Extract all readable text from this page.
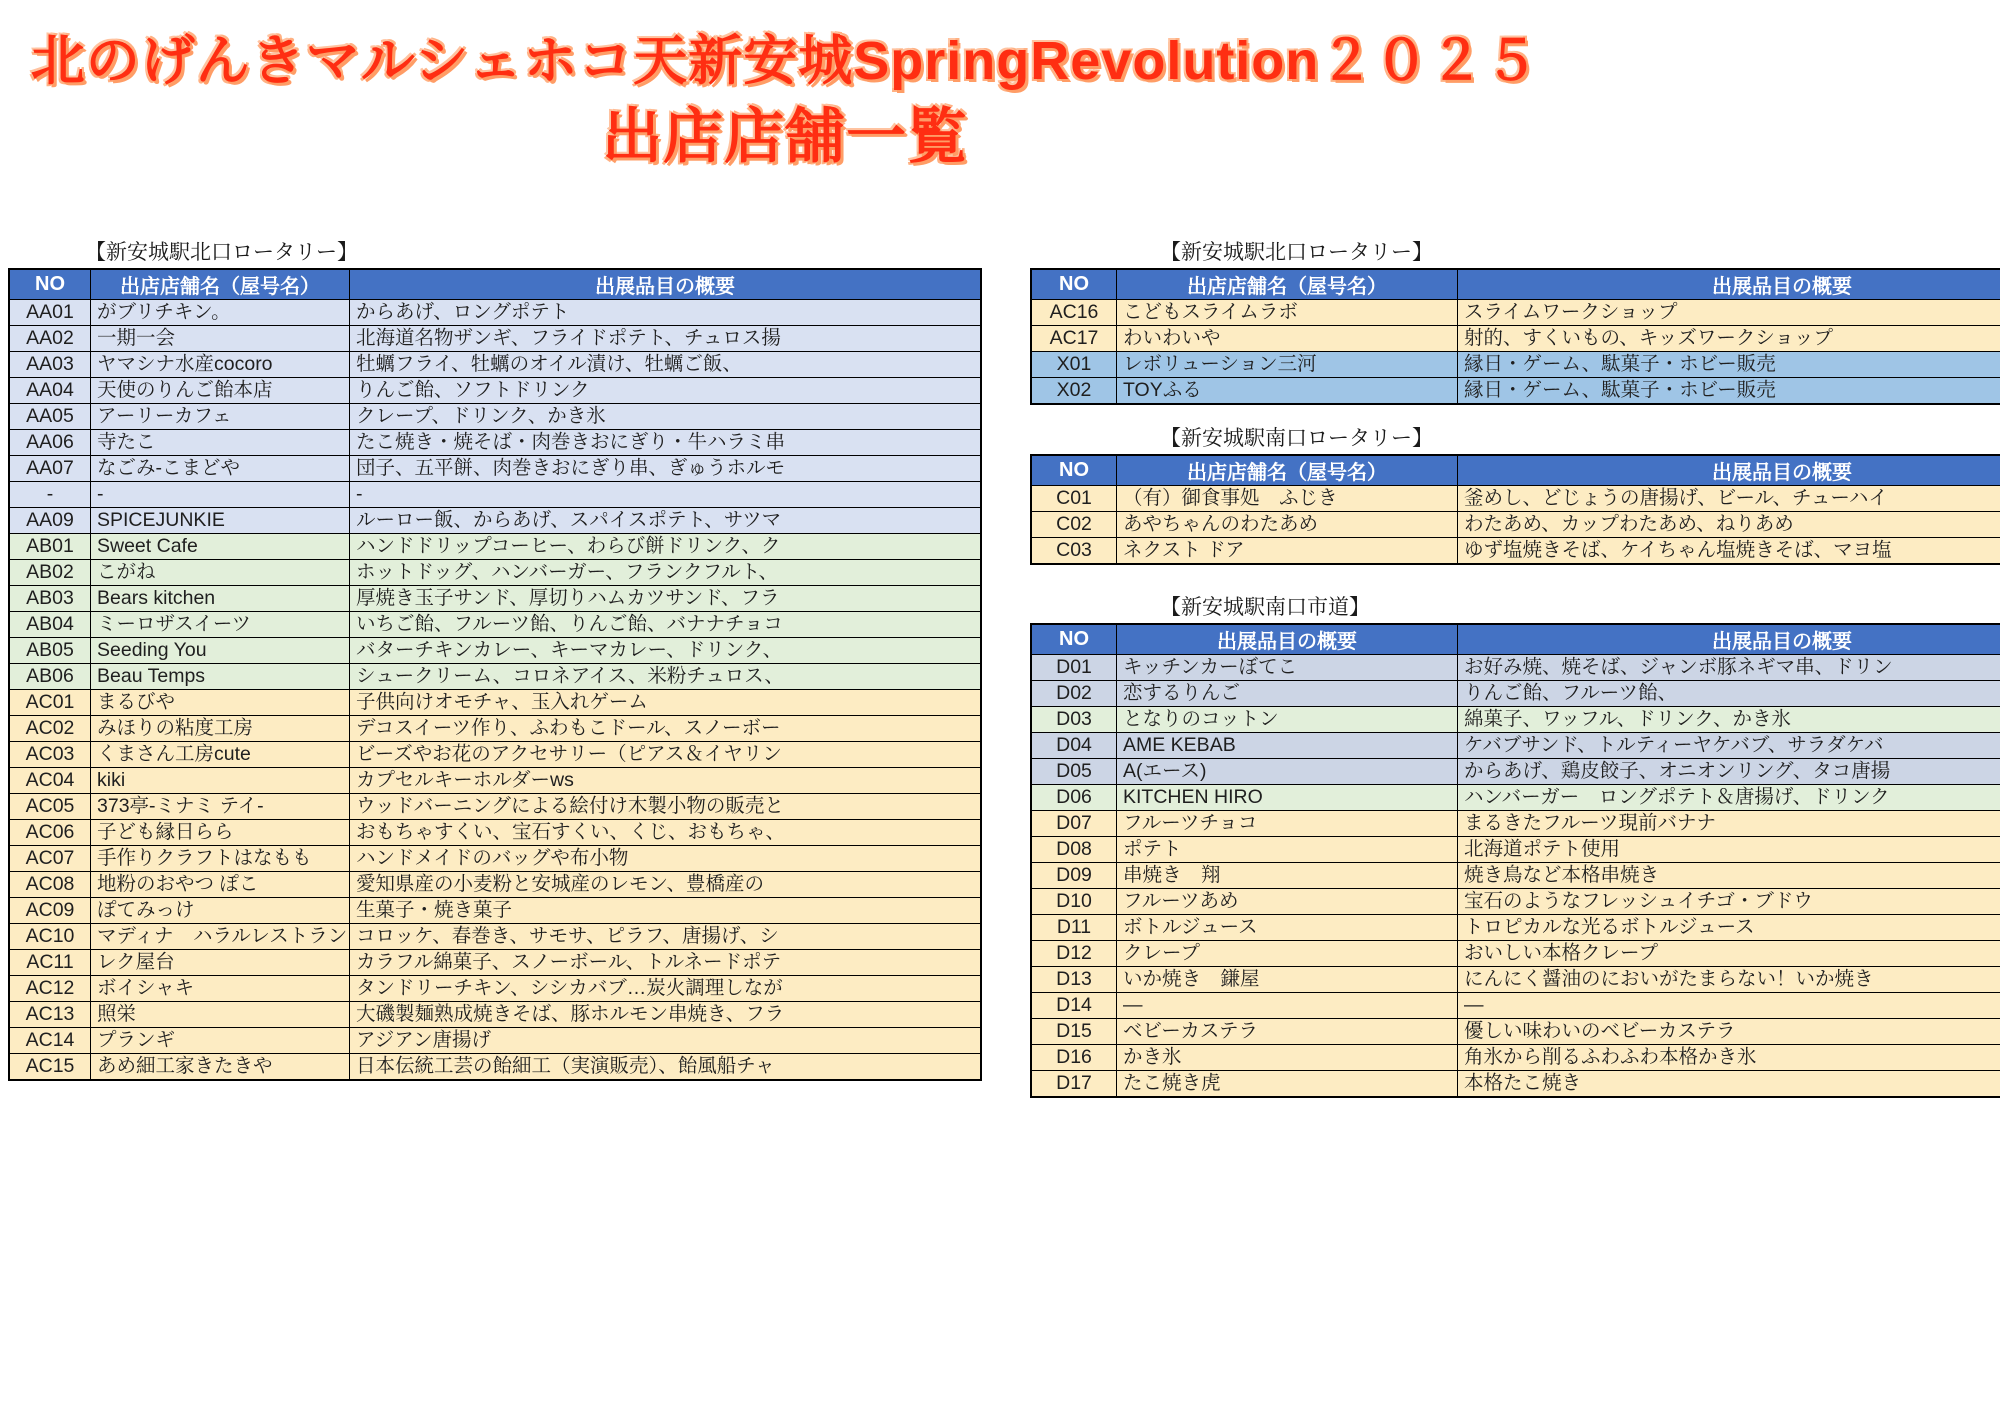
北のげんきマルシェホコ天新安城SpringRevolution２０２５
出店店舗一覧
【新安城駅北口ロータリー】
NO	出店店舗名（屋号名）	出展品目の概要
AA01	がブリチキン。	からあげ、ロングポテト
AA02	一期一会	北海道名物ザンギ、フライドポテト、チュロス揚
AA03	ヤマシナ水産cocoro	牡蠣フライ、牡蠣のオイル漬け、牡蠣ご飯、
AA04	天使のりんご飴本店	りんご飴、ソフトドリンク
AA05	アーリーカフェ	クレープ、ドリンク、かき氷
AA06	寺たこ	たこ焼き・焼そば・肉巻きおにぎり・牛ハラミ串
AA07	なごみ-こまどや	団子、五平餅、肉巻きおにぎり串、ぎゅうホルモ
-	-	-
AA09	SPICEJUNKIE	ルーロー飯、からあげ、スパイスポテト、サツマ
AB01	Sweet Cafe	ハンドドリップコーヒー、わらび餅ドリンク、ク
AB02	こがね	ホットドッグ、ハンバーガー、フランクフルト、
AB03	Bears kitchen	厚焼き玉子サンド、厚切りハムカツサンド、フラ
AB04	ミーロザスイーツ	いちご飴、フルーツ飴、りんご飴、バナナチョコ
AB05	Seeding You	バターチキンカレー、キーマカレー、ドリンク、
AB06	Beau Temps	シュークリーム、コロネアイス、米粉チュロス、
AC01	まるびや	子供向けオモチャ、玉入れゲーム
AC02	みほりの粘度工房	デコスイーツ作り、ふわもこドール、スノーボー
AC03	くまさん工房cute	ビーズやお花のアクセサリー（ピアス＆イヤリン
AC04	kiki	カプセルキーホルダーws
AC05	373亭-ミナミ テイ-	ウッドバーニングによる絵付け木製小物の販売と
AC06	子ども縁日らら	おもちゃすくい、宝石すくい、くじ、おもちゃ、
AC07	手作りクラフトはなもも	ハンドメイドのバッグや布小物
AC08	地粉のおやつ ぽこ	愛知県産の小麦粉と安城産のレモン、豊橋産の
AC09	ぽてみっけ	生菓子・焼き菓子
AC10	マディナ　ハラルレストラン	コロッケ、春巻き、サモサ、ピラフ、唐揚げ、シ
AC11	レク屋台	カラフル綿菓子、スノーボール、トルネードポテ
AC12	ボイシャキ	タンドリーチキン、シシカバブ…炭火調理しなが
AC13	照栄	大磯製麺熟成焼きそば、豚ホルモン串焼き、フラ
AC14	プランギ	アジアン唐揚げ
AC15	あめ細工家きたきや	日本伝統工芸の飴細工（実演販売）、飴風船チャ
【新安城駅北口ロータリー】
NO	出店店舗名（屋号名）	出展品目の概要
AC16	こどもスライムラボ	スライムワークショップ
AC17	わいわいや	射的、すくいもの、キッズワークショップ
X01	レボリューション三河	縁日・ゲーム、駄菓子・ホビー販売
X02	TOYふる	縁日・ゲーム、駄菓子・ホビー販売
【新安城駅南口ロータリー】
NO	出店店舗名（屋号名）	出展品目の概要
C01	（有）御食事処　ふじき	釜めし、どじょうの唐揚げ、ビール、チューハイ
C02	あやちゃんのわたあめ	わたあめ、カップわたあめ、ねりあめ
C03	ネクスト ドア	ゆず塩焼きそば、ケイちゃん塩焼きそば、マヨ塩
【新安城駅南口市道】
NO	出展品目の概要	出展品目の概要
D01	キッチンカーぼてこ	お好み焼、焼そば、ジャンボ豚ネギマ串、ドリン
D02	恋するりんご	りんご飴、フルーツ飴、
D03	となりのコットン	綿菓子、ワッフル、ドリンク、かき氷
D04	AME KEBAB	ケバブサンド、トルティーヤケバブ、サラダケバ
D05	A(エース)	からあげ、鶏皮餃子、オニオンリング、タコ唐揚
D06	KITCHEN HIRO	ハンバーガー　ロングポテト＆唐揚げ、ドリンク
D07	フルーツチョコ	まるきたフルーツ現前バナナ
D08	ポテト	北海道ポテト使用
D09	串焼き　翔	焼き鳥など本格串焼き
D10	フルーツあめ	宝石のようなフレッシュイチゴ・ブドウ
D11	ボトルジュース	トロピカルな光るボトルジュース
D12	クレープ	おいしい本格クレープ
D13	いか焼き　鎌屋	にんにく醤油のにおいがたまらない！いか焼き
D14	―	―
D15	ベビーカステラ	優しい味わいのベビーカステラ
D16	かき氷	角氷から削るふわふわ本格かき氷
D17	たこ焼き虎	本格たこ焼き
